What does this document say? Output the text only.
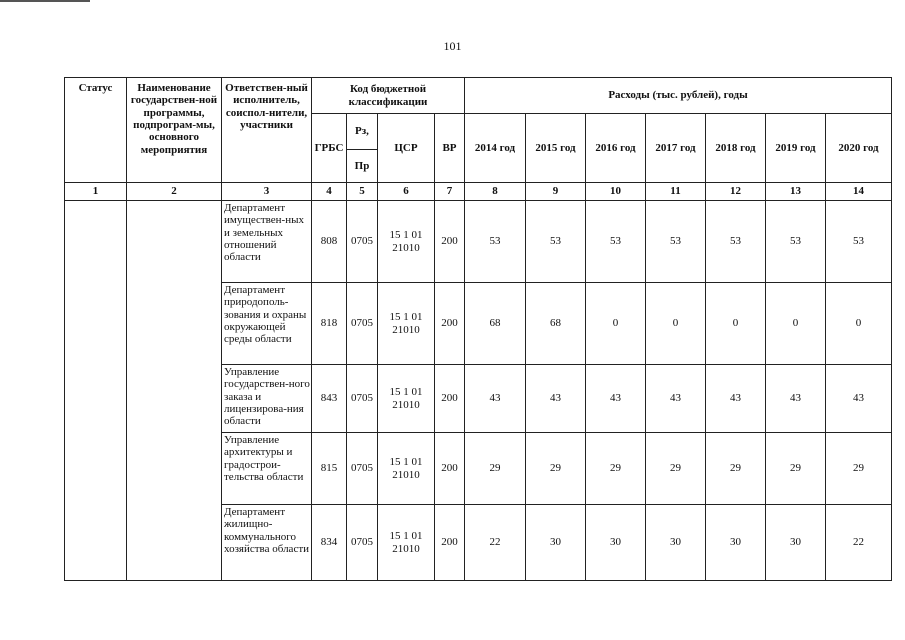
101
Статус	Наименование государствен-ной программы, подпрограм-мы, основного мероприятия	Ответствен-ный исполнитель, соиспол-нители, участники	Код бюджетной классификации				Расходы (тыс. рублей), годы						
			ГРБС	Рз,	ЦСР	ВР	2014 год	2015 год	2016 год	2017 год	2018 год	2019 год	2020 год
				Пр									
1	2	3	4	5	6	7	8	9	10	11	12	13	14
		Департамент имуществен-ных и земельных отношений области	808	0705	15 1 01 21010	200	53	53	53	53	53	53	53
		Департамент природополь-зования и охраны окружающей среды области	818	0705	15 1 01 21010	200	68	68	0	0	0	0	0
		Управление государствен-ного заказа и лицензирова-ния области	843	0705	15 1 01 21010	200	43	43	43	43	43	43	43
		Управление архитектуры и градострои-тельства области	815	0705	15 1 01 21010	200	29	29	29	29	29	29	29
		Департамент жилищно-коммунального хозяйства области	834	0705	15 1 01 21010	200	22	30	30	30	30	30	22
